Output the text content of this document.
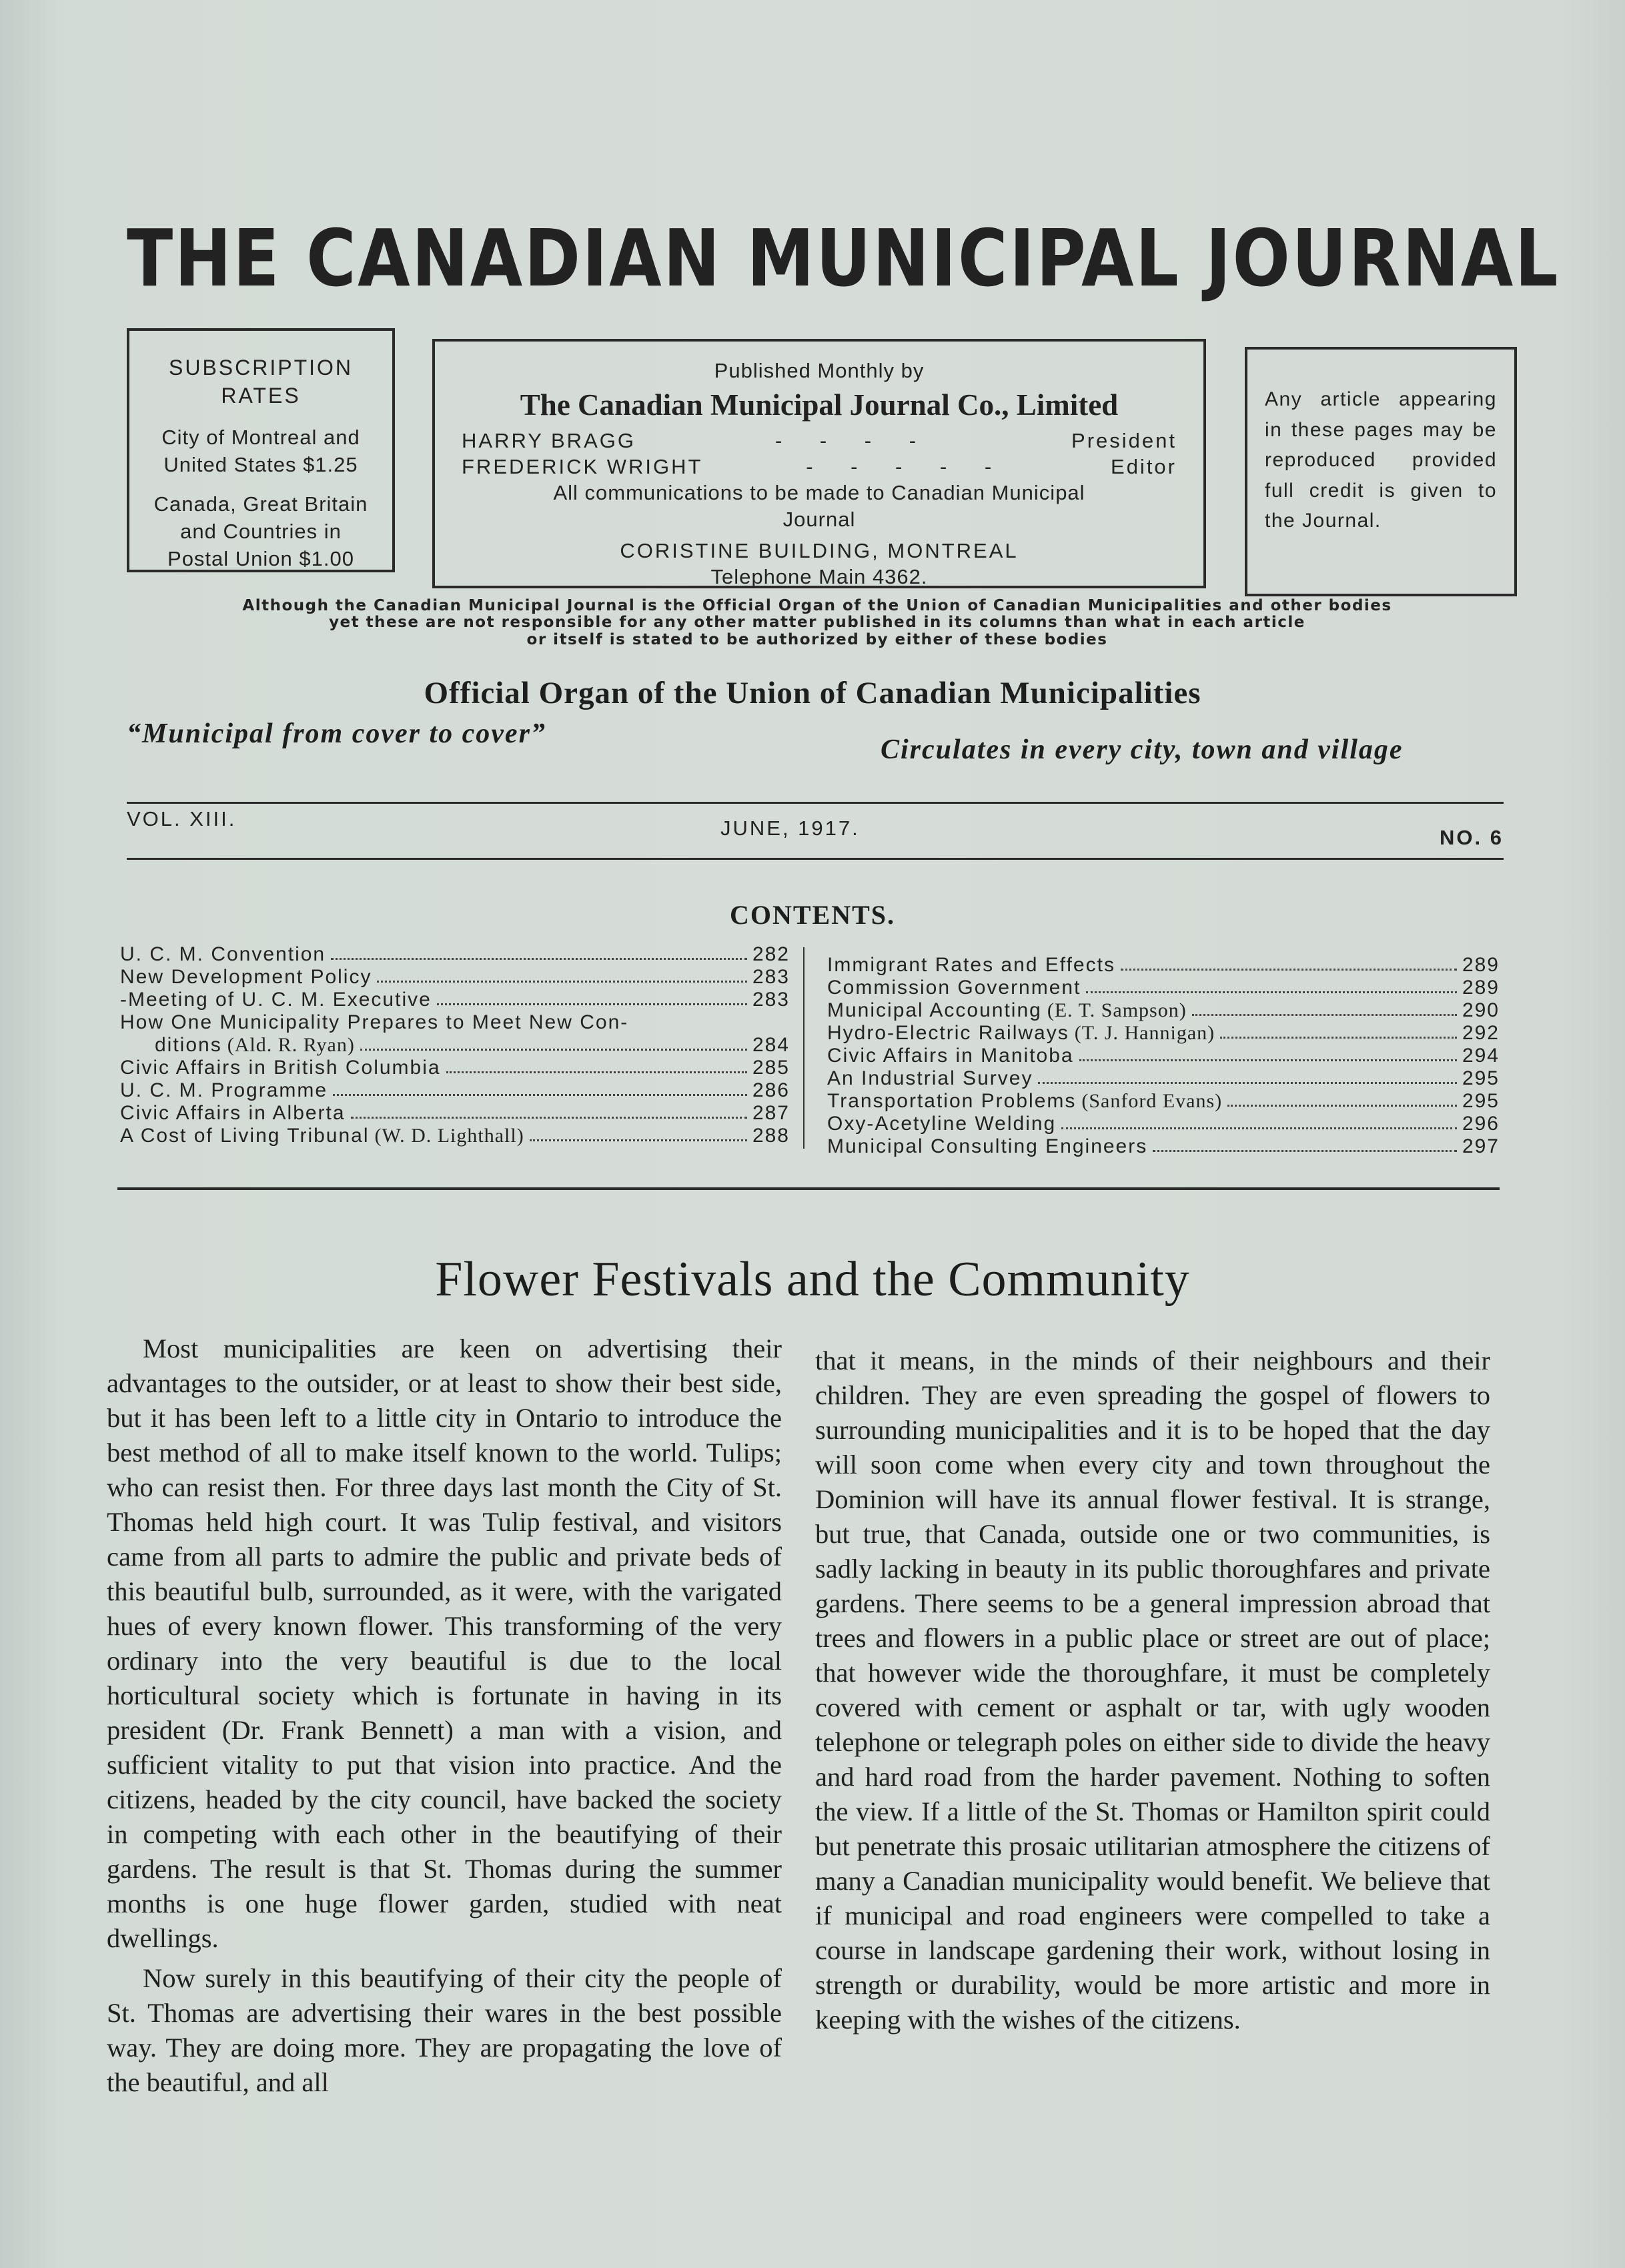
THE CANADIAN MUNICIPAL JOURNAL
SUBSCRIPTION
RATES
City of Montreal and
United States $1.25
Canada, Great Britain
and Countries in
Postal Union $1.00
Published Monthly by
The Canadian Municipal Journal Co., Limited
HARRY BRAGG	- - - -	President
FREDERICK WRIGHT	- - - - -	Editor
All communications to be made to Canadian Municipal
Journal
CORISTINE BUILDING, MONTREAL
Telephone Main 4362.
Any article appearing in these pages may be reproduced provided full credit is given to the Journal.
Although the Canadian Municipal Journal is the Official Organ of the Union of Canadian Municipalities and other bodies
yet these are not responsible for any other matter published in its columns than what in each article
or itself is stated to be authorized by either of these bodies
Official Organ of the Union of Canadian Municipalities
“Municipal from cover to cover”
Circulates in every city, town and village
VOL. XIII.	JUNE, 1917.	NO. 6
CONTENTS.
U. C. M. Convention	282
New Development Policy	283
-Meeting of U. C. M. Executive	283
How One Municipality Prepares to Meet New Con-
ditions (Ald. R. Ryan)	284
Civic Affairs in British Columbia	285
U. C. M. Programme	286
Civic Affairs in Alberta	287
A Cost of Living Tribunal (W. D. Lighthall)	288
Immigrant Rates and Effects	289
Commission Government	289
Municipal Accounting (E. T. Sampson)	290
Hydro-Electric Railways (T. J. Hannigan)	292
Civic Affairs in Manitoba	294
An Industrial Survey	295
Transportation Problems (Sanford Evans)	295
Oxy-Acetyline Welding	296
Municipal Consulting Engineers	297
Flower Festivals and the Community

Most municipalities are keen on advertising their advantages to the outsider, or at least to show their best side, but it has been left to a little city in Ontario to introduce the best method of all to make itself known to the world. Tulips; who can resist then. For three days last month the City of St. Thomas held high court. It was Tulip festival, and visitors came from all parts to admire the public and private beds of this beautiful bulb, surrounded, as it were, with the varigated hues of every known flower. This transforming of the very ordinary into the very beautiful is due to the local horticultural society which is fortunate in having in its president (Dr. Frank Bennett) a man with a vision, and sufficient vitality to put that vision into practice. And the citizens, headed by the city council, have backed the society in competing with each other in the beautifying of their gardens. The result is that St. Thomas during the summer months is one huge flower garden, studied with neat dwellings.

Now surely in this beautifying of their city the people of St. Thomas are advertising their wares in the best possible way. They are doing more. They are propagating the love of the beautiful, and all

that it means, in the minds of their neighbours and their children. They are even spreading the gospel of flowers to surrounding municipalities and it is to be hoped that the day will soon come when every city and town throughout the Dominion will have its annual flower festival. It is strange, but true, that Canada, outside one or two communities, is sadly lacking in beauty in its public thoroughfares and private gardens. There seems to be a general impression abroad that trees and flowers in a public place or street are out of place; that however wide the thoroughfare, it must be completely covered with cement or asphalt or tar, with ugly wooden telephone or telegraph poles on either side to divide the heavy and hard road from the harder pavement. Nothing to soften the view. If a little of the St. Thomas or Hamilton spirit could but penetrate this prosaic utilitarian atmosphere the citizens of many a Canadian municipality would benefit. We believe that if municipal and road engineers were compelled to take a course in landscape gardening their work, without losing in strength or durability, would be more artistic and more in keeping with the wishes of the citizens.
